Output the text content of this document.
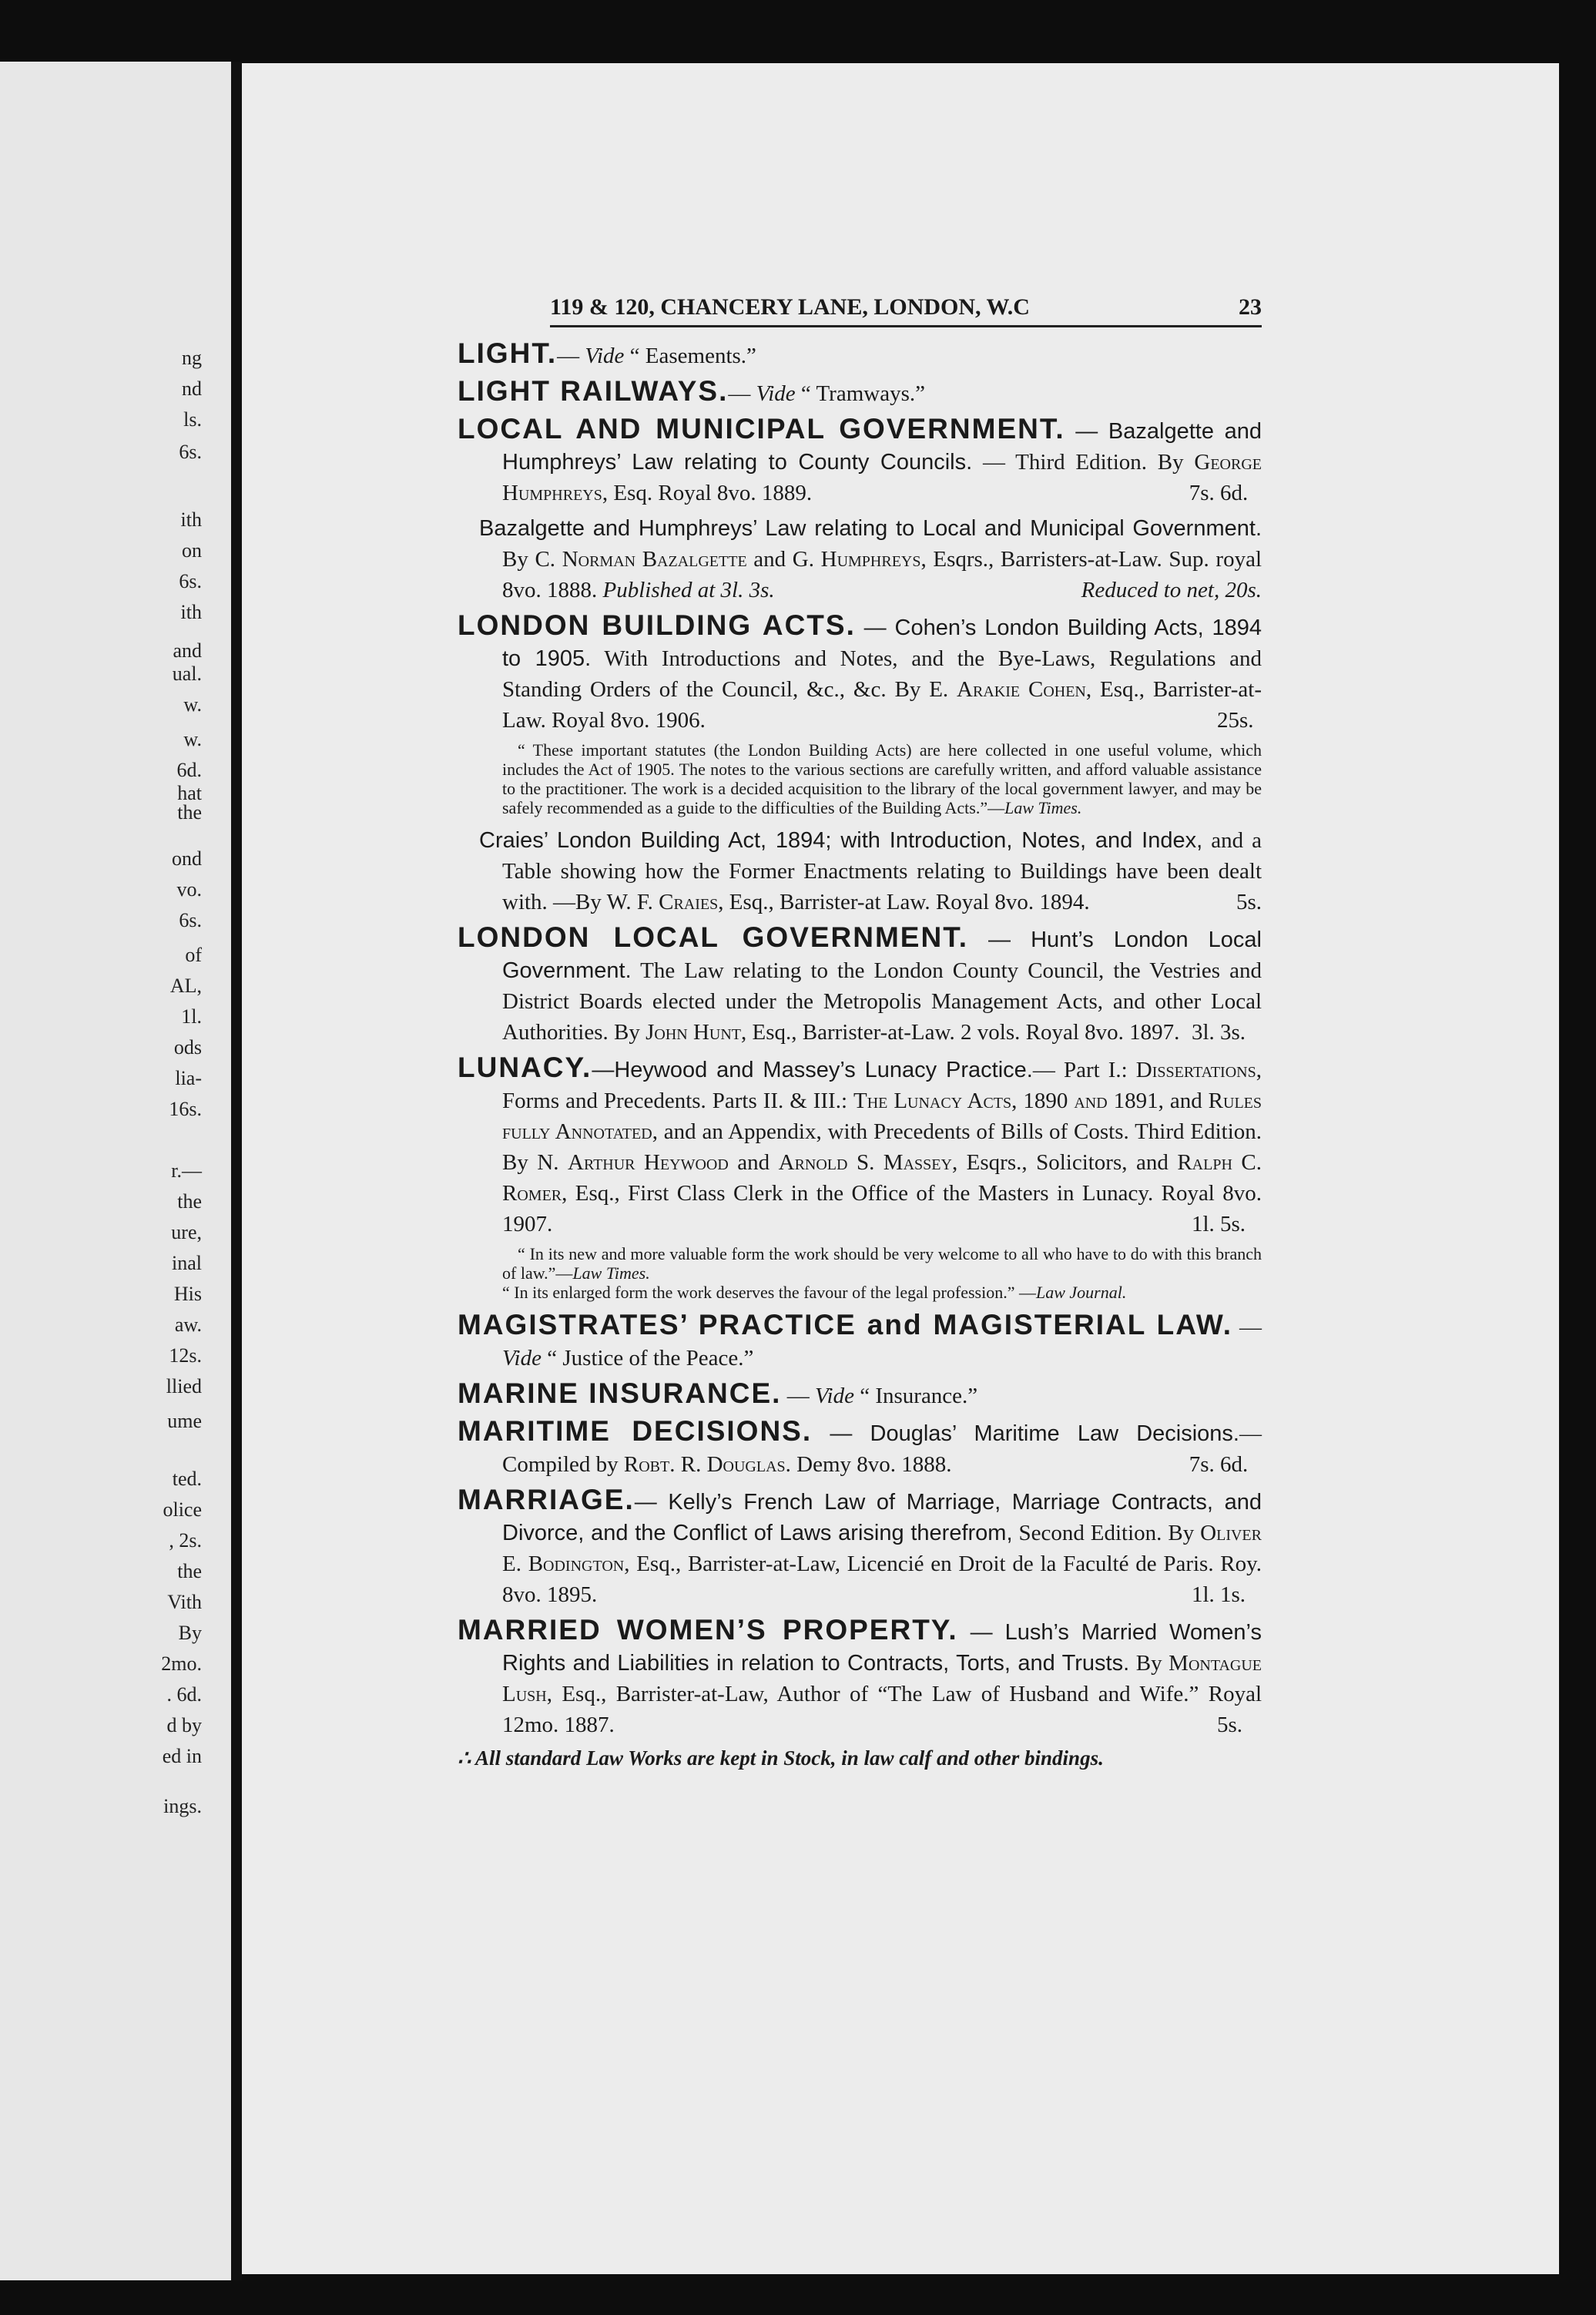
ng
nd
ls.
6s.
ith
on
6s.
ith
and
ual.
w.
w.
6d.
hat
the
ond
vo.
6s.
of
AL,
1l.
ods
lia-
16s.
r.—
the
ure,
inal
His
aw.
12s.
llied
ume
ted.
olice
, 2s.
the
Vith
By
2mo.
. 6d.
d by
ed in
ings.
119 & 120, CHANCERY LANE, LONDON, W.C	23
LIGHT.— Vide “ Easements.”
LIGHT RAILWAYS.— Vide “ Tramways.”
LOCAL AND MUNICIPAL GOVERNMENT. — Bazalgette and Humphreys’ Law relating to County Councils. — Third Edition. By George Humphreys, Esq. Royal 8vo. 1889.	7s. 6d.
Bazalgette and Humphreys’ Law relating to Local and Municipal Government. By C. Norman Bazalgette and G. Humphreys, Esqrs., Barristers-at-Law. Sup. royal 8vo. 1888. Published at 3l. 3s.	Reduced to net, 20s.
LONDON BUILDING ACTS. — Cohen’s London Building Acts, 1894 to 1905. With Introductions and Notes, and the Bye-Laws, Regulations and Standing Orders of the Council, &c., &c. By E. Arakie Cohen, Esq., Barrister-at-Law. Royal 8vo. 1906.	25s.
“ These important statutes (the London Building Acts) are here collected in one useful volume, which includes the Act of 1905. The notes to the various sections are carefully written, and afford valuable assistance to the practitioner. The work is a decided acquisition to the library of the local government lawyer, and may be safely recommended as a guide to the difficulties of the Building Acts.”—Law Times.
Craies’ London Building Act, 1894; with Introduction, Notes, and Index, and a Table showing how the Former Enactments relating to Buildings have been dealt with. —By W. F. Craies, Esq., Barrister-at Law. Royal 8vo. 1894.	5s.
LONDON LOCAL GOVERNMENT. — Hunt’s London Local Government. The Law relating to the London County Council, the Vestries and District Boards elected under the Metropolis Management Acts, and other Local Authorities. By John Hunt, Esq., Barrister-at-Law. 2 vols. Royal 8vo. 1897. 3l. 3s.
LUNACY.—Heywood and Massey’s Lunacy Practice.— Part I.: Dissertations, Forms and Precedents. Parts II. & III.: The Lunacy Acts, 1890 and 1891, and Rules fully Annotated, and an Appendix, with Precedents of Bills of Costs. Third Edition. By N. Arthur Heywood and Arnold S. Massey, Esqrs., Solicitors, and Ralph C. Romer, Esq., First Class Clerk in the Office of the Masters in Lunacy. Royal 8vo. 1907.	1l. 5s.
“ In its new and more valuable form the work should be very welcome to all who have to do with this branch of law.”—Law Times.
“ In its enlarged form the work deserves the favour of the legal profession.” —Law Journal.
MAGISTRATES’ PRACTICE and MAGISTERIAL LAW. — Vide “ Justice of the Peace.”
MARINE INSURANCE. — Vide “ Insurance.”
MARITIME DECISIONS. — Douglas’ Maritime Law Decisions.— Compiled by Robt. R. Douglas. Demy 8vo. 1888.	7s. 6d.
MARRIAGE.— Kelly’s French Law of Marriage, Marriage Contracts, and Divorce, and the Conflict of Laws arising therefrom, Second Edition. By Oliver E. Bodington, Esq., Barrister-at-Law, Licencié en Droit de la Faculté de Paris. Roy. 8vo. 1895.	1l. 1s.
MARRIED WOMEN’S PROPERTY. — Lush’s Married Women’s Rights and Liabilities in relation to Contracts, Torts, and Trusts. By Montague Lush, Esq., Barrister-at-Law, Author of “The Law of Husband and Wife.” Royal 12mo. 1887.	5s.
∴ All standard Law Works are kept in Stock, in law calf and other bindings.
